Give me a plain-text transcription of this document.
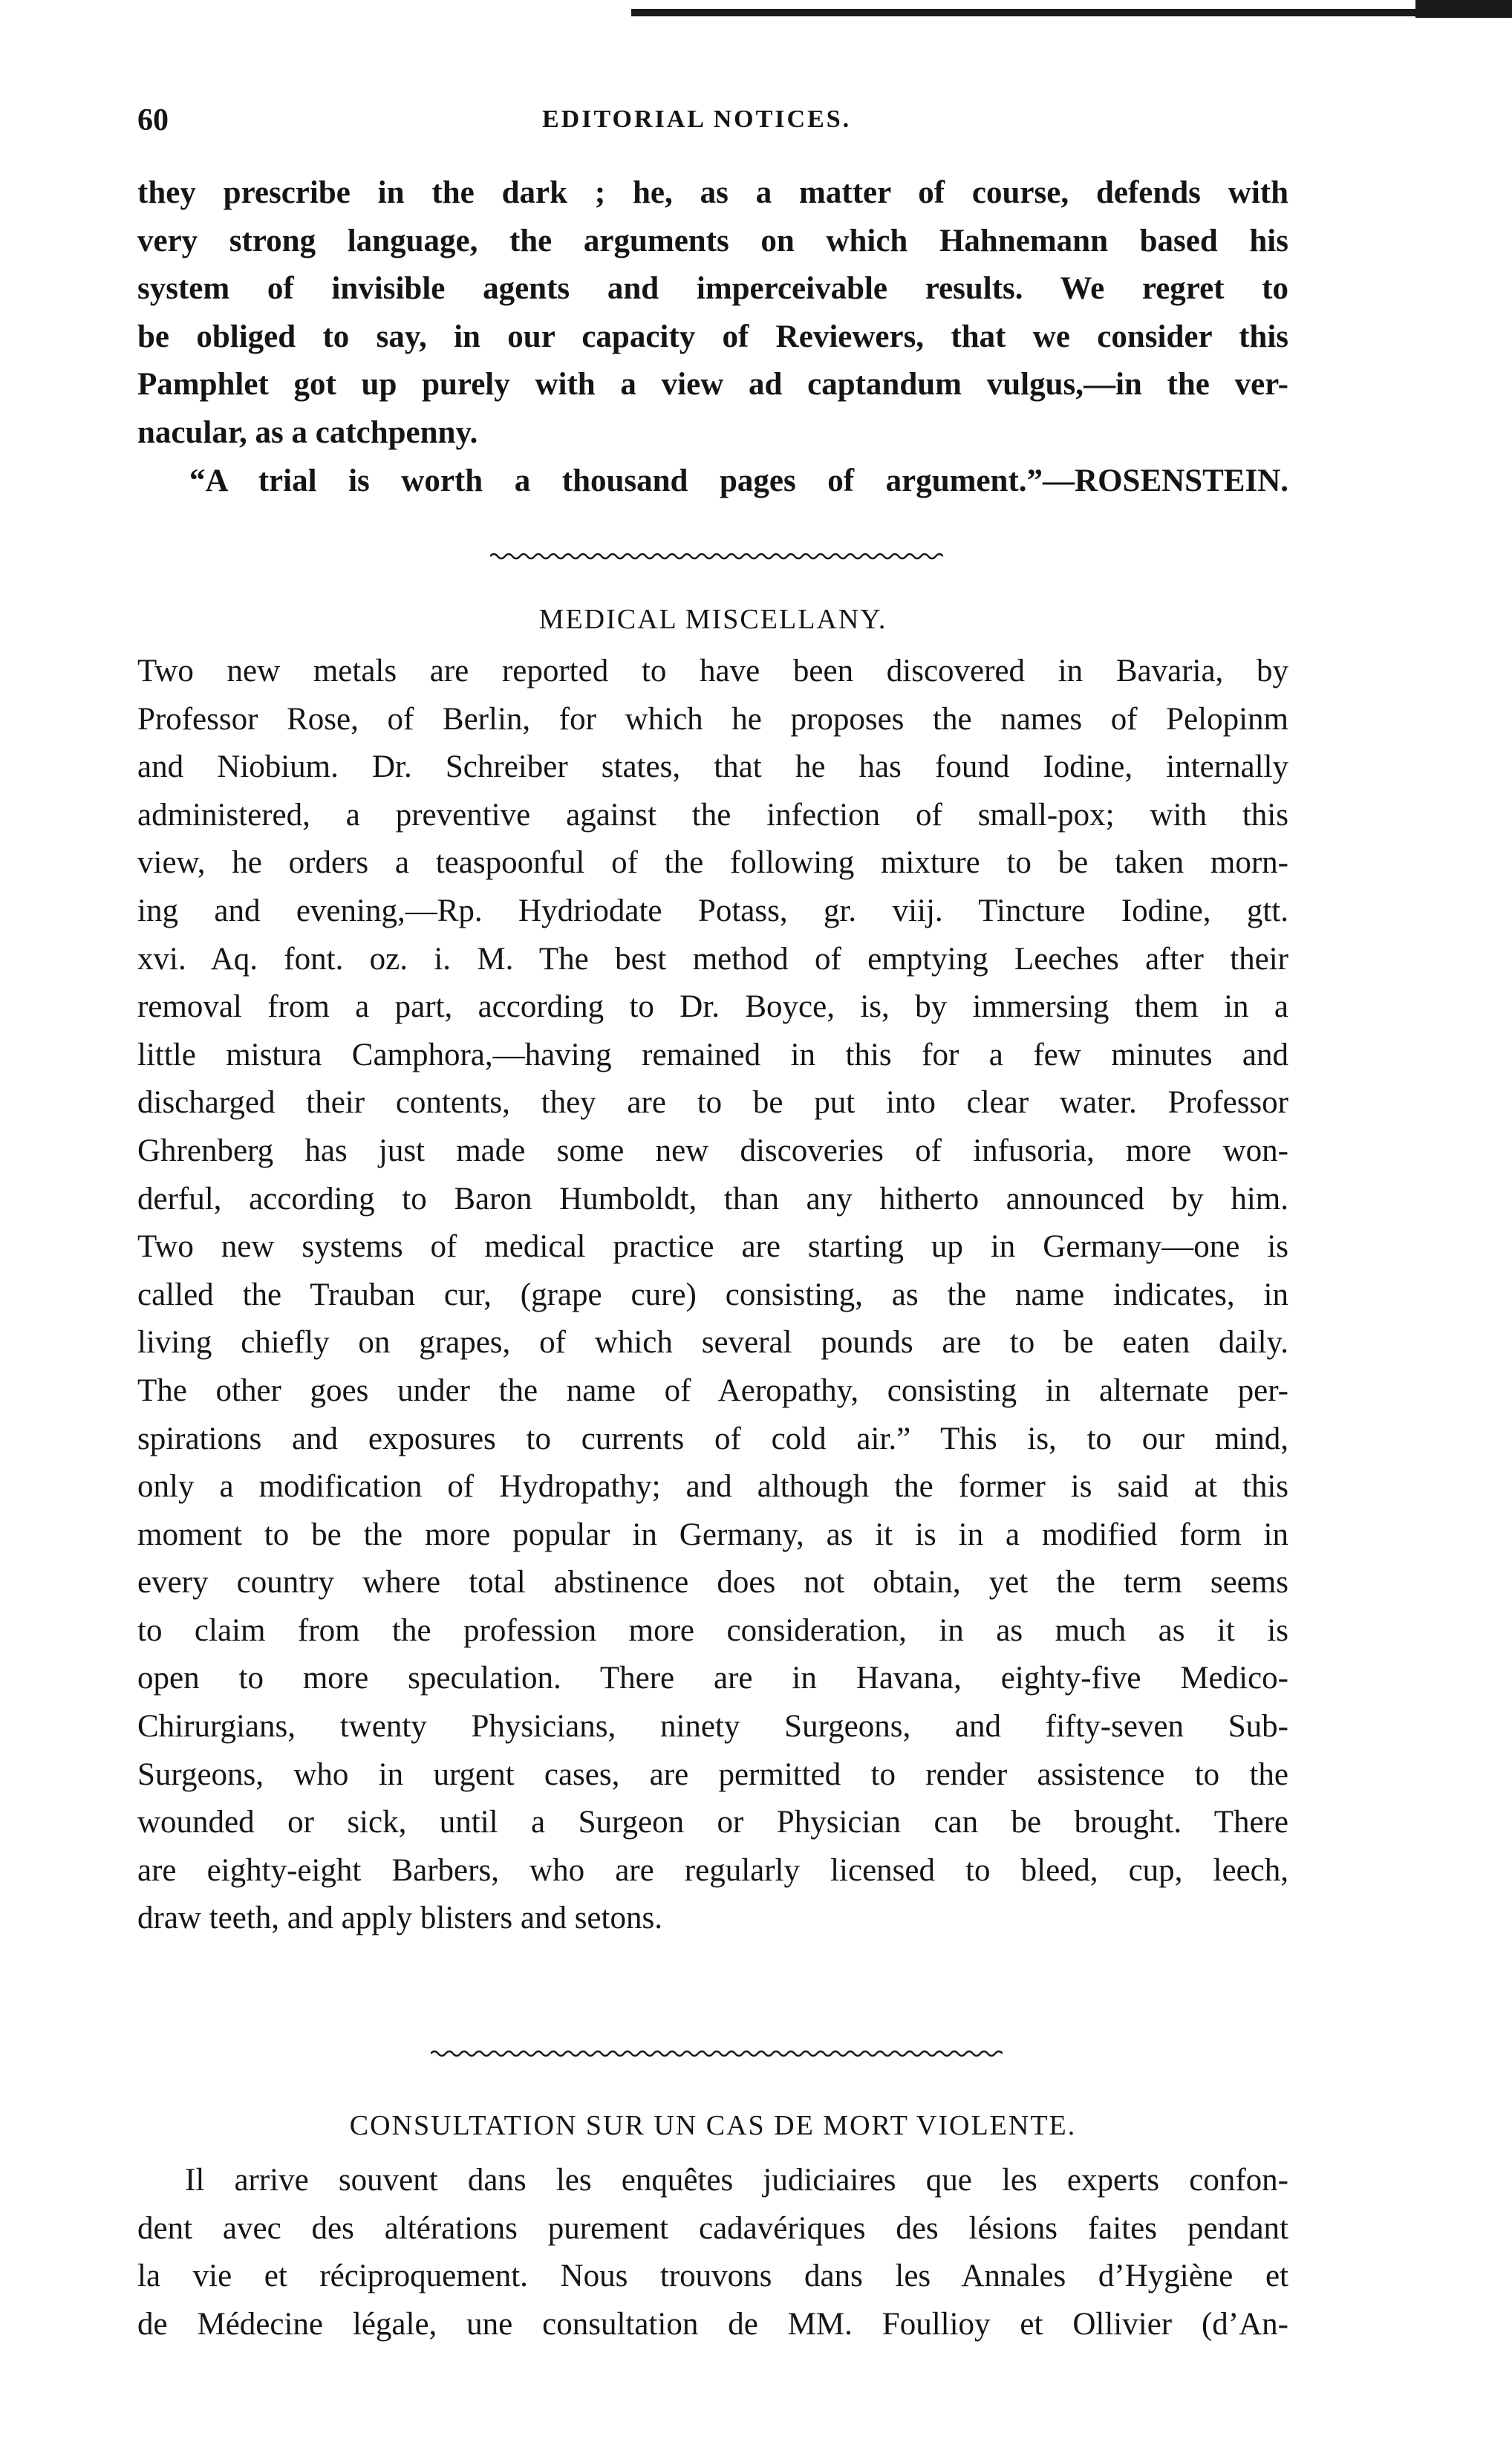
60	EDITORIAL NOTICES.
they prescribe in the dark ; he, as a matter of course, defends with
very strong language, the arguments on which Hahnemann based his
system of invisible agents and imperceivable results. We regret to
be obliged to say, in our capacity of Reviewers, that we consider this
Pamphlet got up purely with a view ad captandum vulgus,—in the ver-
nacular, as a catchpenny.
“A trial is worth a thousand pages of argument.”—ROSENSTEIN.
MEDICAL MISCELLANY.
Two new metals are reported to have been discovered in Bavaria, by
Professor Rose, of Berlin, for which he proposes the names of Pelopinm
and Niobium. Dr. Schreiber states, that he has found Iodine, internally
administered, a preventive against the infection of small-pox; with this
view, he orders a teaspoonful of the following mixture to be taken morn-
ing and evening,—Rp. Hydriodate Potass, gr. viij. Tincture Iodine, gtt.
xvi. Aq. font. oz. i. M. The best method of emptying Leeches after their
removal from a part, according to Dr. Boyce, is, by immersing them in a
little mistura Camphora,—having remained in this for a few minutes and
discharged their contents, they are to be put into clear water. Professor
Ghrenberg has just made some new discoveries of infusoria, more won-
derful, according to Baron Humboldt, than any hitherto announced by him.
Two new systems of medical practice are starting up in Germany—one is
called the Trauban cur, (grape cure) consisting, as the name indicates, in
living chiefly on grapes, of which several pounds are to be eaten daily.
The other goes under the name of Aeropathy, consisting in alternate per-
spirations and exposures to currents of cold air.” This is, to our mind,
only a modification of Hydropathy; and although the former is said at this
moment to be the more popular in Germany, as it is in a modified form in
every country where total abstinence does not obtain, yet the term seems
to claim from the profession more consideration, in as much as it is
open to more speculation. There are in Havana, eighty-five Medico-
Chirurgians, twenty Physicians, ninety Surgeons, and fifty-seven Sub-
Surgeons, who in urgent cases, are permitted to render assistence to the
wounded or sick, until a Surgeon or Physician can be brought. There
are eighty-eight Barbers, who are regularly licensed to bleed, cup, leech,
draw teeth, and apply blisters and setons.
CONSULTATION SUR UN CAS DE MORT VIOLENTE.
Il arrive souvent dans les enquêtes judiciaires que les experts confon-
dent avec des altérations purement cadavériques des lésions faites pendant
la vie et réciproquement. Nous trouvons dans les Annales d’Hygiène et
de Médecine légale, une consultation de MM. Foullioy et Ollivier (d’An-
